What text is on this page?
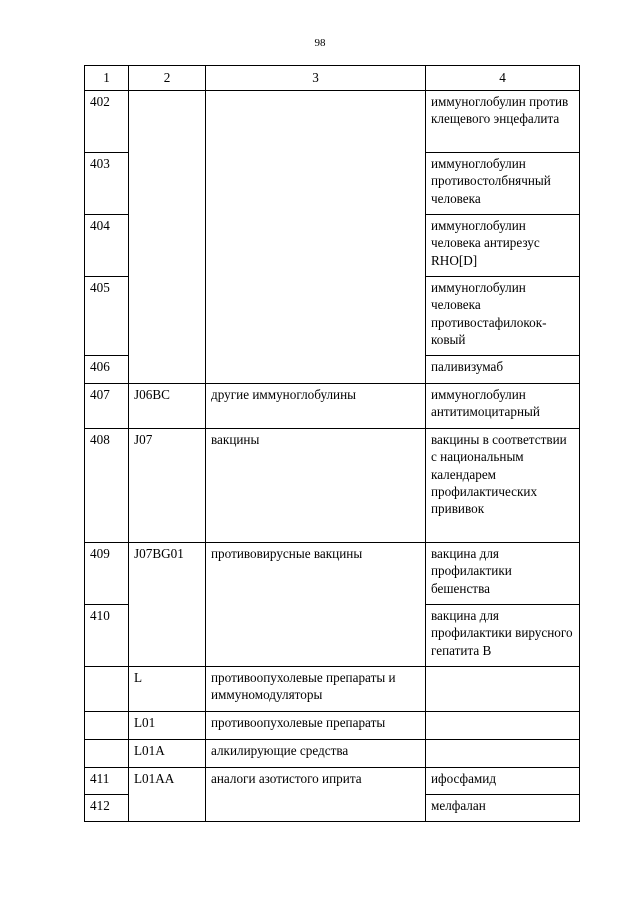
98
1	2	3	4
402			иммуноглобулин против клещевого энцефалита
403			иммуноглобулин противостолбнячный человека
404			иммуноглобулин человека антирезус RHO[D]
405			иммуноглобулин человека противостафилокок-ковый
406			паливизумаб
407	J06BC	другие иммуноглобулины	иммуноглобулин антитимоцитарный
408	J07	вакцины	вакцины в соответствии с национальным календарем профилактических прививок
409	J07BG01	противовирусные вакцины	вакцина для профилактики бешенства
410			вакцина для профилактики вирусного гепатита В
	L	противоопухолевые препараты и иммуномодуляторы	
	L01	противоопухолевые препараты	
	L01A	алкилирующие средства	
411	L01AA	аналоги азотистого иприта	ифосфамид
412			мелфалан
